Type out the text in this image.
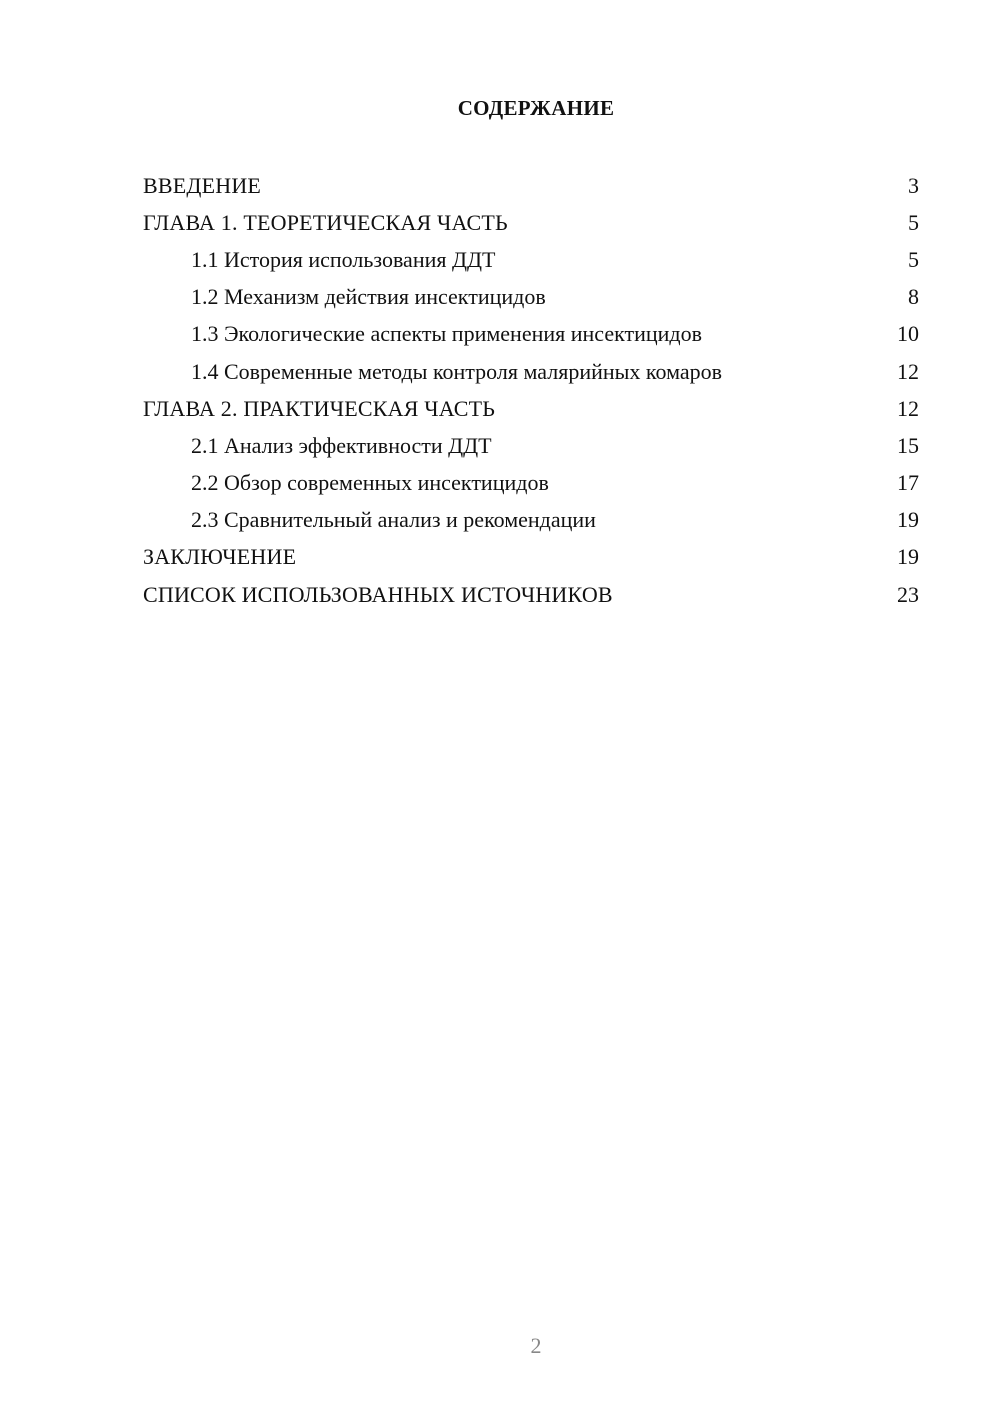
СОДЕРЖАНИЕ
ВВЕДЕНИЕ	3
ГЛАВА 1. ТЕОРЕТИЧЕСКАЯ ЧАСТЬ	5
1.1 История использования ДДТ	5
1.2 Механизм действия инсектицидов	8
1.3 Экологические аспекты применения инсектицидов	10
1.4 Современные методы контроля малярийных комаров	12
ГЛАВА 2. ПРАКТИЧЕСКАЯ ЧАСТЬ	12
2.1 Анализ эффективности ДДТ	15
2.2 Обзор современных инсектицидов	17
2.3 Сравнительный анализ и рекомендации	19
ЗАКЛЮЧЕНИЕ	19
СПИСОК ИСПОЛЬЗОВАННЫХ ИСТОЧНИКОВ	23
2
